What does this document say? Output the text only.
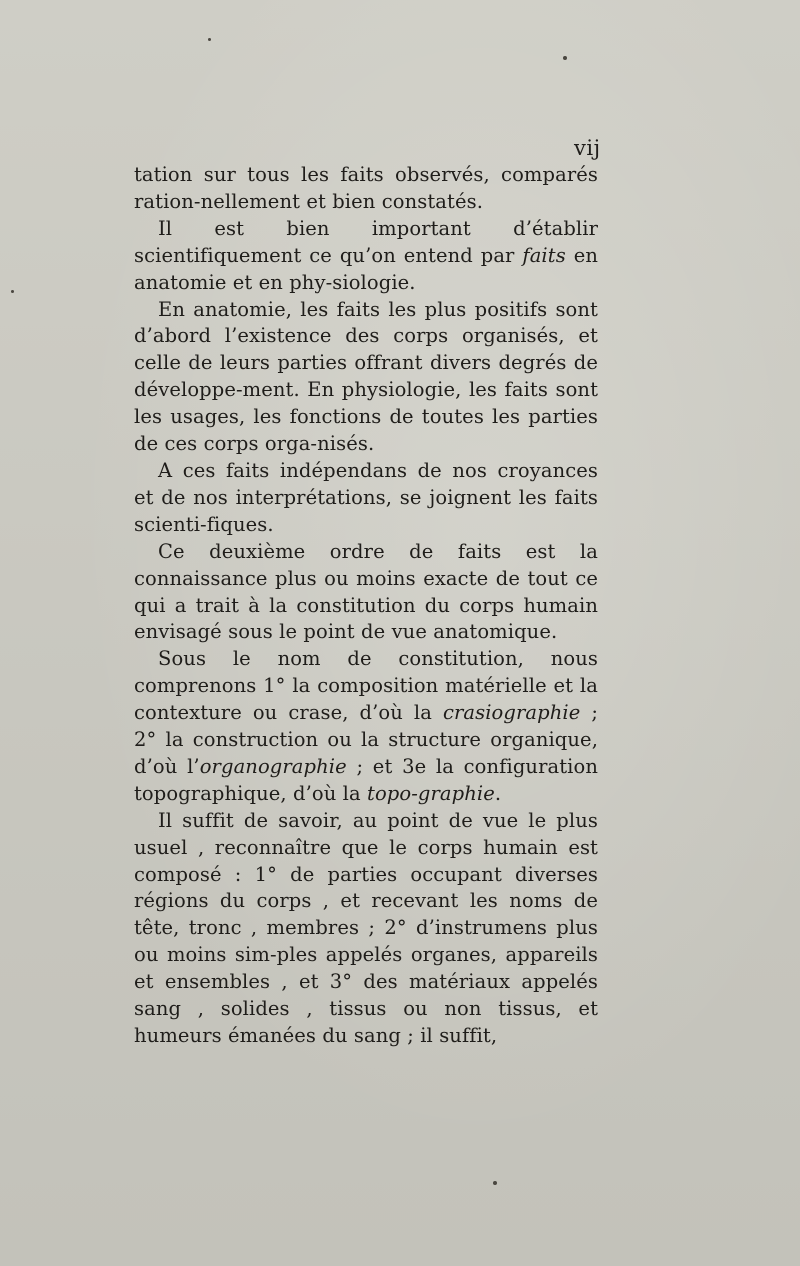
vij

tation sur tous les faits observés, comparés ration-nellement et bien constatés.

Il est bien important d’établir scientifiquement ce qu’on entend par faits en anatomie et en phy-siologie.

En anatomie, les faits les plus positifs sont d’abord l’existence des corps organisés, et celle de leurs parties offrant divers degrés de développe-ment. En physiologie, les faits sont les usages, les fonctions de toutes les parties de ces corps orga-nisés.

A ces faits indépendans de nos croyances et de nos interprétations, se joignent les faits scienti-fiques.

Ce deuxième ordre de faits est la connaissance plus ou moins exacte de tout ce qui a trait à la constitution du corps humain envisagé sous le point de vue anatomique.

Sous le nom de constitution, nous comprenons 1° la composition matérielle et la contexture ou crase, d’où la crasiographie ; 2° la construction ou la structure organique, d’où l’organographie ; et 3e la configuration topographique, d’où la topo-graphie.

Il suffit de savoir, au point de vue le plus usuel , reconnaître que le corps humain est composé : 1° de parties occupant diverses régions du corps , et recevant les noms de tête, tronc , membres ; 2° d’instrumens plus ou moins sim-ples appelés organes, appareils et ensembles , et 3° des matériaux appelés sang , solides , tissus ou non tissus, et humeurs émanées du sang ; il suffit,
